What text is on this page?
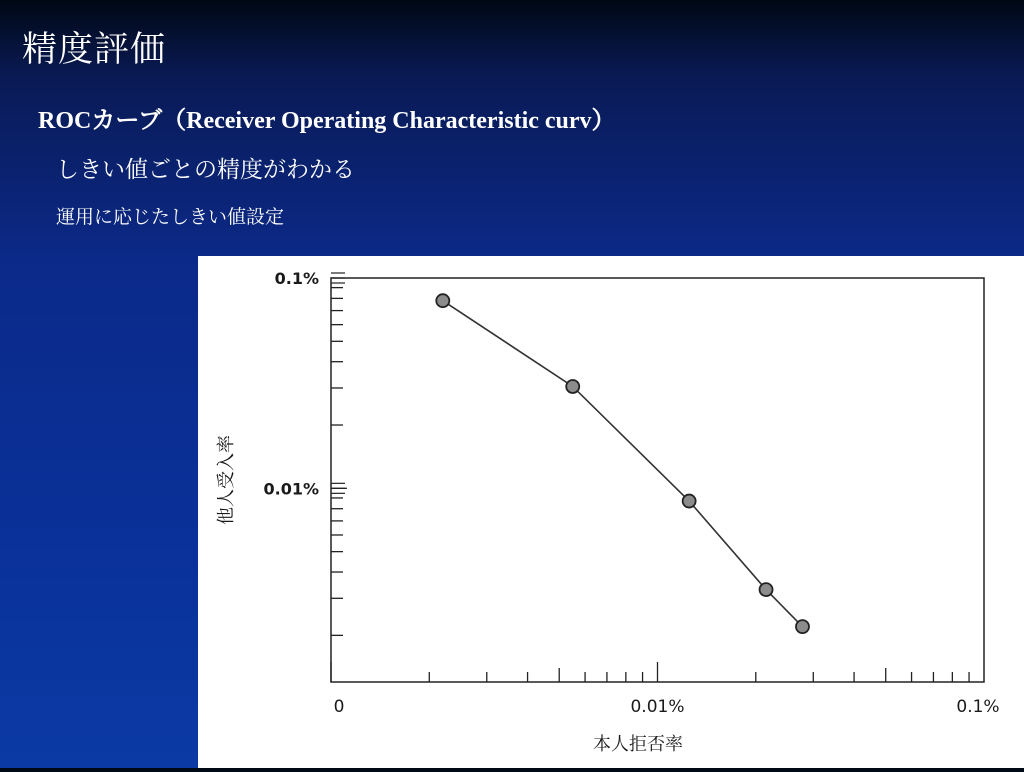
精度評価
ROCカーブ（Receiver Operating Characteristic curv）
しきい値ごとの精度がわかる
運用に応じたしきい値設定
0	0.01%	0.1%
0.1%
0.01%
本人拒否率
他人受入率
